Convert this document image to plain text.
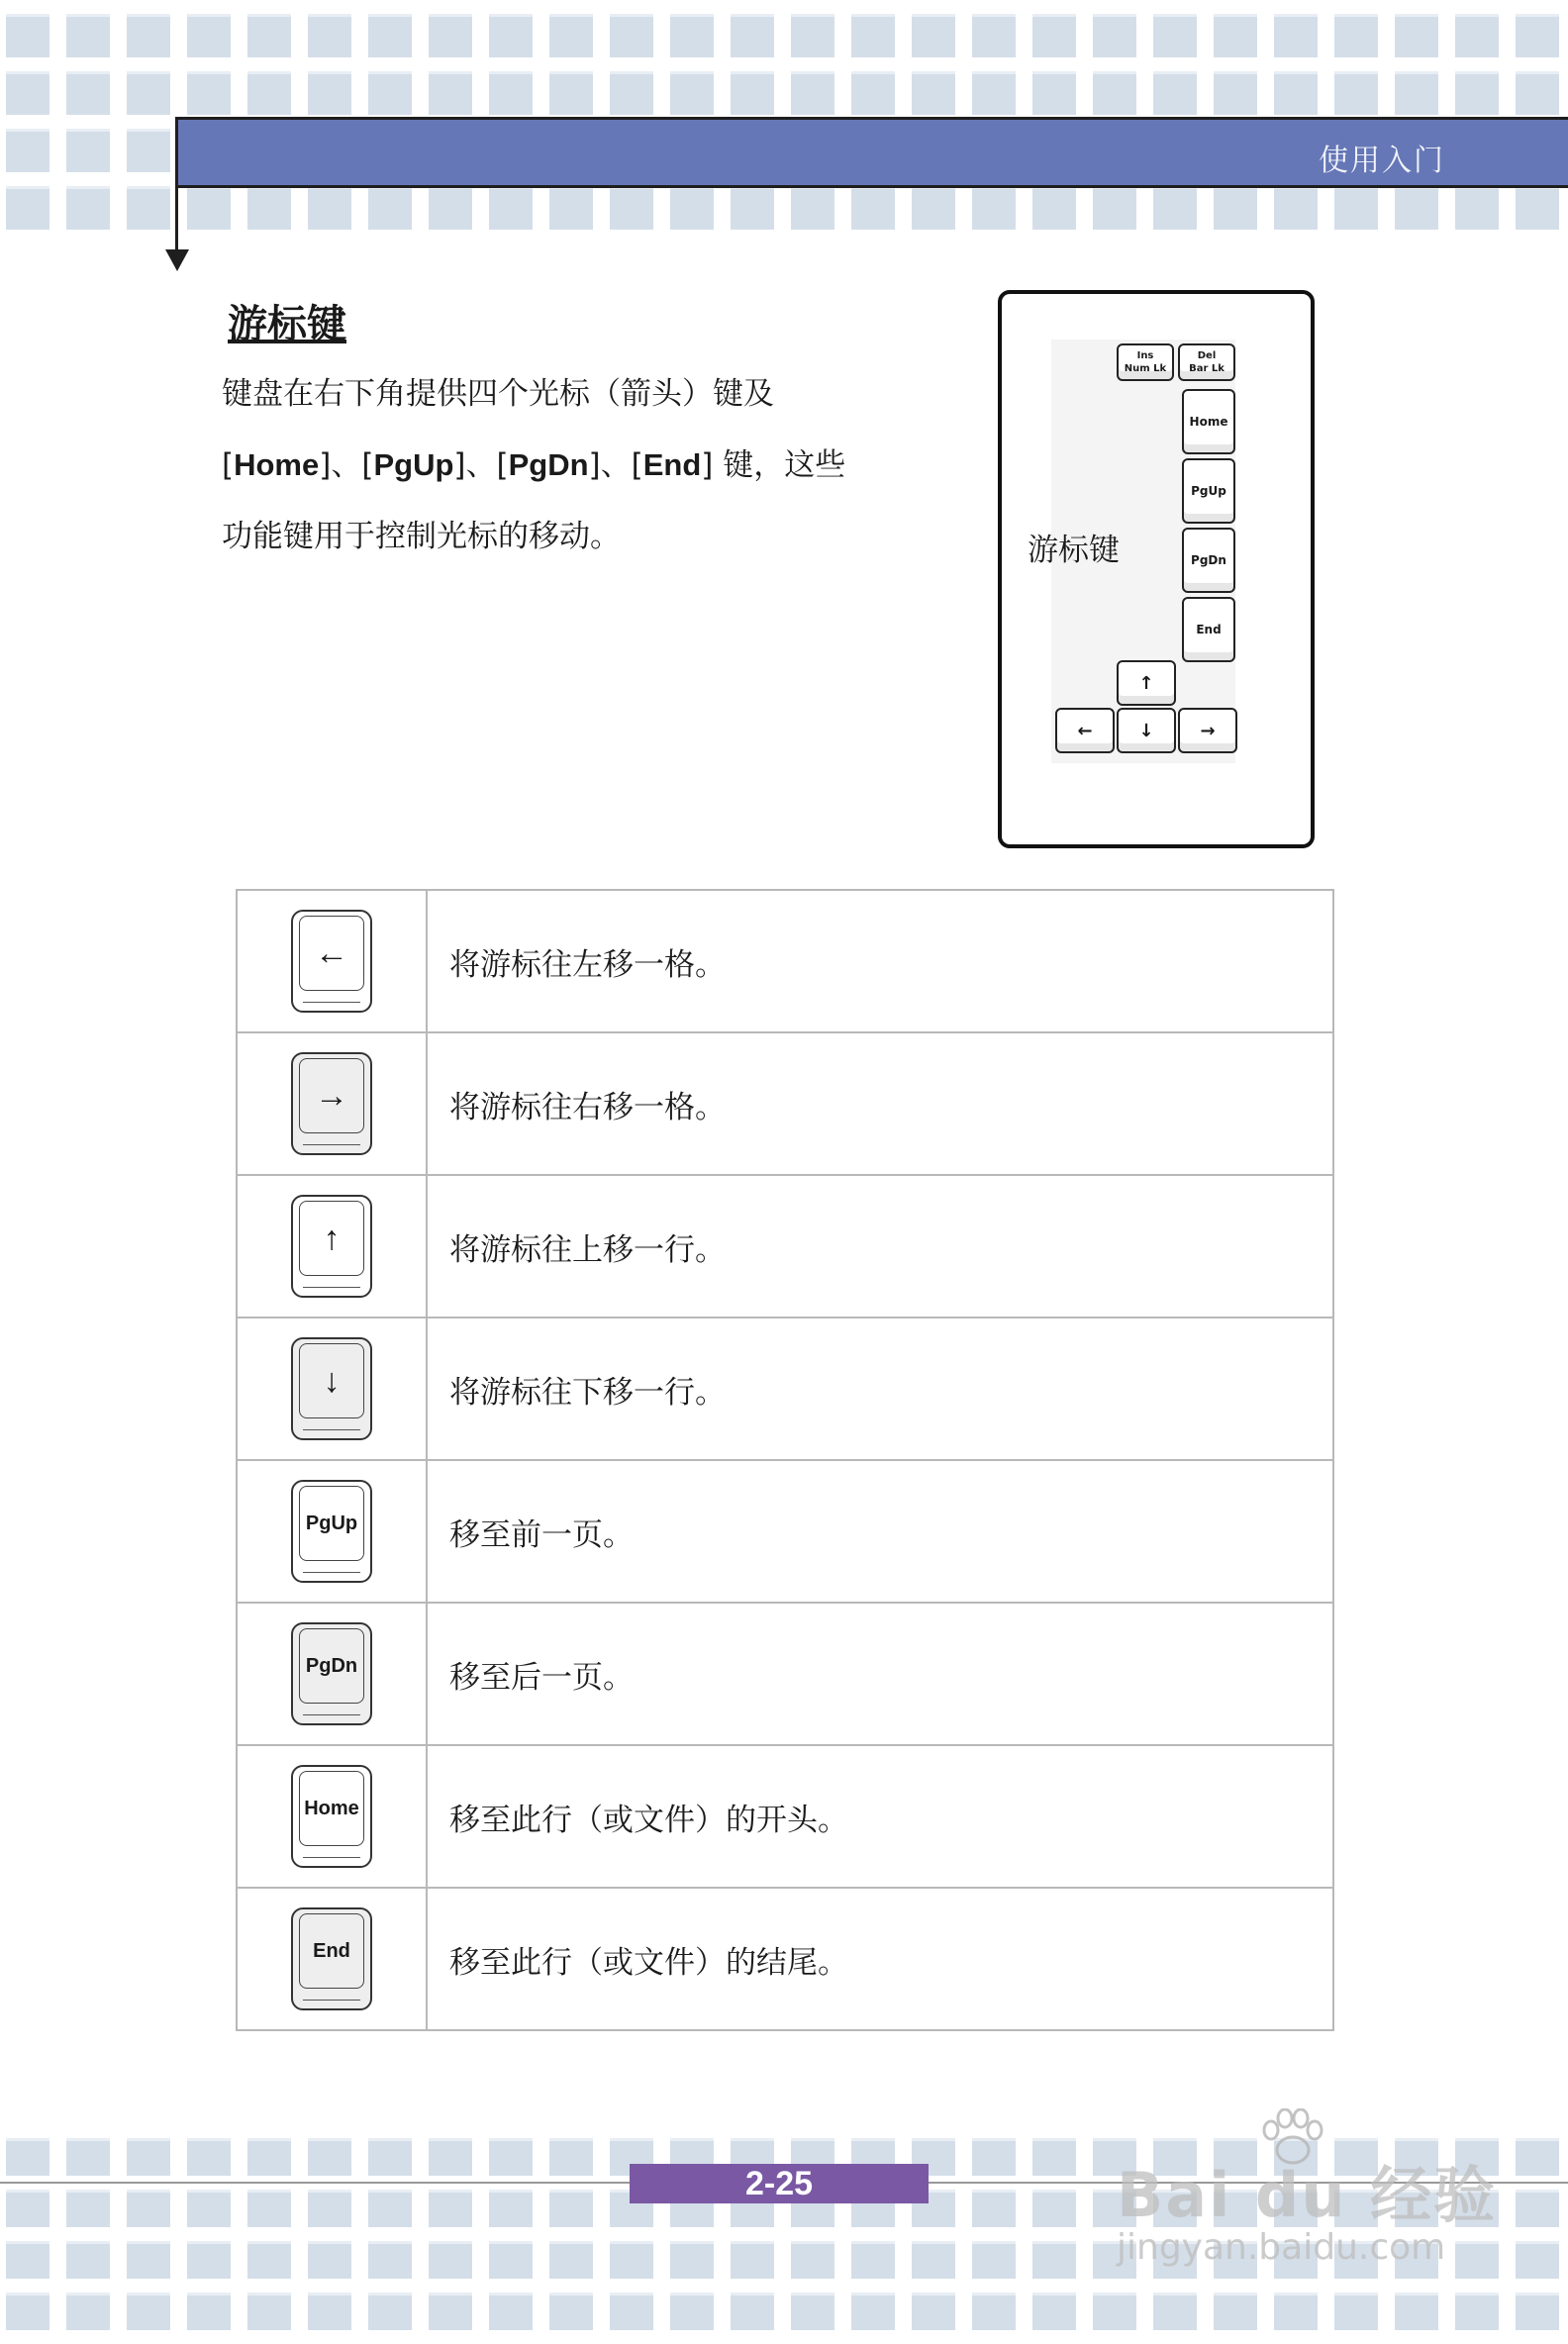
使用入门
游标键
键盘在右下角提供四个光标（箭头）键及
[Home]、[PgUp]、[PgDn]、[End] 键，这些
功能键用于控制光标的移动。	游标键
Ins
Num Lk
Del
Bar Lk
Home
PgUp
PgDn
End
↑
←	↓	→
←	将游标往左移一格。

→	将游标往右移一格。

↑	将游标往上移一行。

↓	将游标往下移一行。

PgUp	移至前一页。

PgDn	移至后一页。

Home	移至此行（或文件）的开头。

End	移至此行（或文件）的结尾。
2-25	Bai du 经验
jingyan.baidu.com
